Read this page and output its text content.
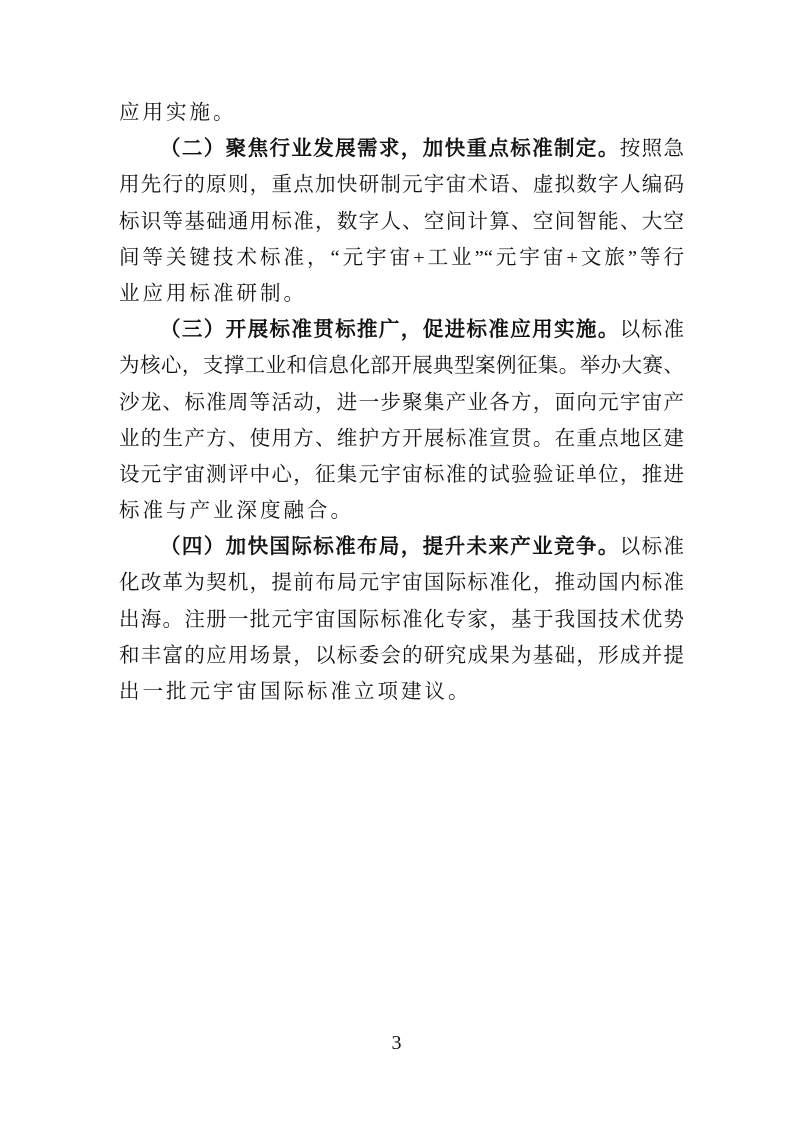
应用实施。
（二）聚焦行业发展需求，加快重点标准制定。按照急
用先行的原则，重点加快研制元宇宙术语、虚拟数字人编码
标识等基础通用标准，数字人、空间计算、空间智能、大空
间等关键技术标准，“元宇宙+工业”“元宇宙+文旅”等行
业应用标准研制。
（三）开展标准贯标推广，促进标准应用实施。以标准
为核心，支撑工业和信息化部开展典型案例征集。举办大赛、
沙龙、标准周等活动，进一步聚集产业各方，面向元宇宙产
业的生产方、使用方、维护方开展标准宣贯。在重点地区建
设元宇宙测评中心，征集元宇宙标准的试验验证单位，推进
标准与产业深度融合。
（四）加快国际标准布局，提升未来产业竞争。以标准
化改革为契机，提前布局元宇宙国际标准化，推动国内标准
出海。注册一批元宇宙国际标准化专家，基于我国技术优势
和丰富的应用场景，以标委会的研究成果为基础，形成并提
出一批元宇宙国际标准立项建议。
3
